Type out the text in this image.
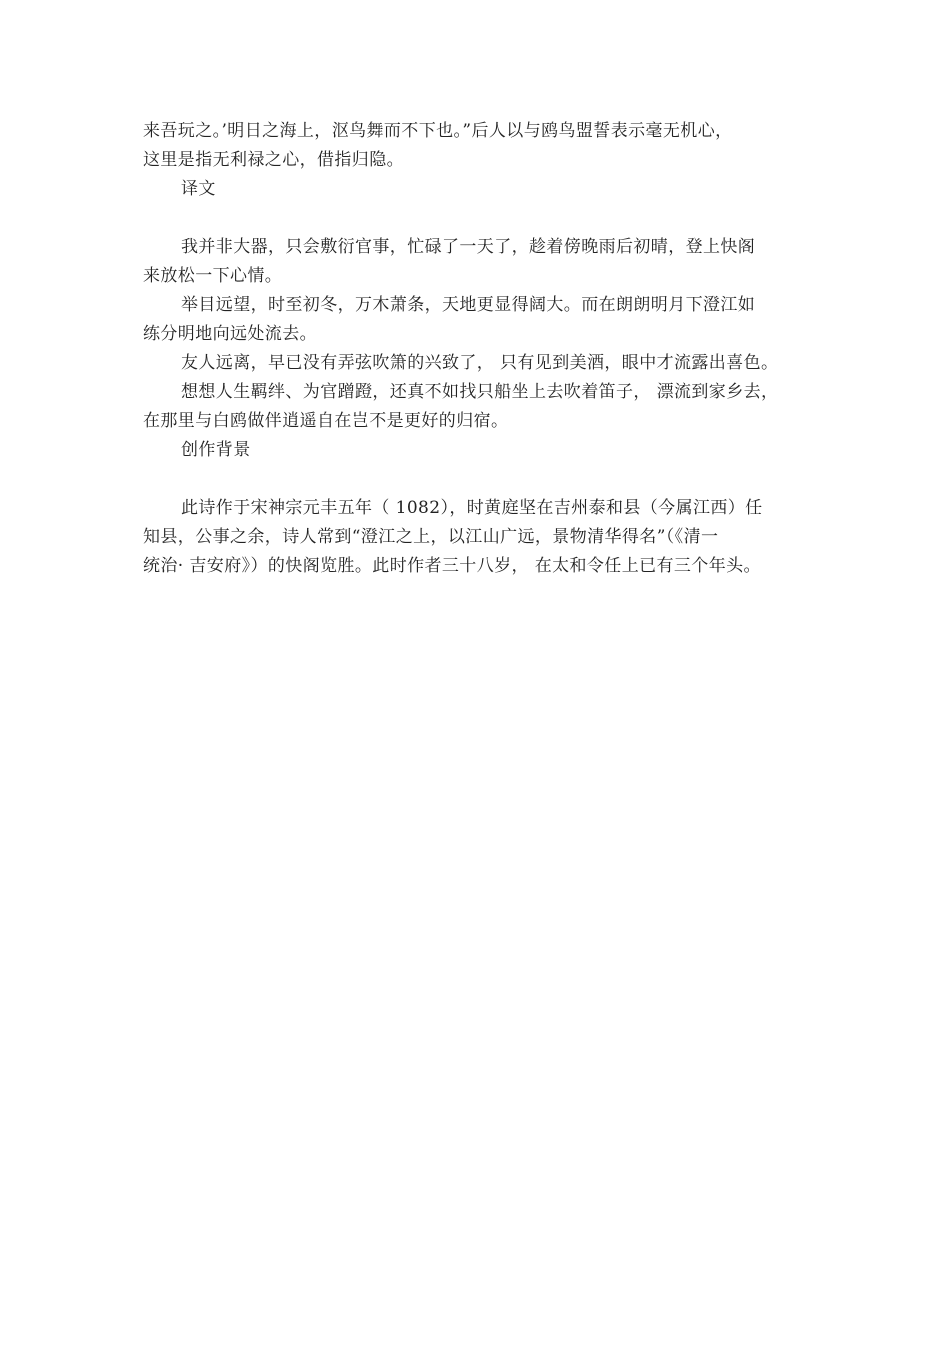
来吾玩之。’明日之海上，沤鸟舞而不下也。”后人以与鸥鸟盟誓表示毫无机心，
这里是指无利禄之心，借指归隐。
译文
我并非大器，只会敷衍官事，忙碌了一天了，趁着傍晚雨后初晴，登上快阁
来放松一下心情。
举目远望，时至初冬，万木萧条，天地更显得阔大。而在朗朗明月下澄江如
练分明地向远处流去。
友人远离，早已没有弄弦吹箫的兴致了， 只有见到美酒，眼中才流露出喜色。
想想人生羁绊、为官蹭蹬，还真不如找只船坐上去吹着笛子， 漂流到家乡去，
在那里与白鸥做伴逍遥自在岂不是更好的归宿。
创作背景
此诗作于宋神宗元丰五年（ 1082），时黄庭坚在吉州泰和县（今属江西）任
知县，公事之余，诗人常到“澄江之上，以江山广远，景物清华得名”（《清一
统治· 吉安府》）的快阁览胜。此时作者三十八岁， 在太和令任上已有三个年头。
